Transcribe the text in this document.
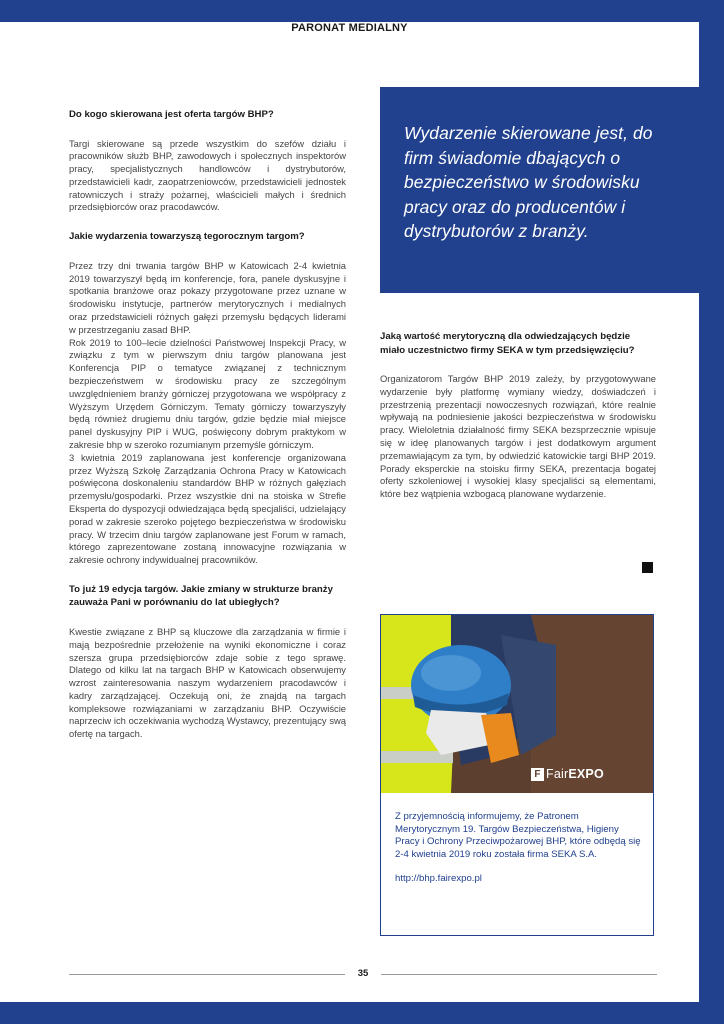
PARONAT MEDIALNY
Do kogo skierowana jest oferta targów BHP?
Targi skierowane są przede wszystkim do szefów działu i pracowników służb BHP, zawodowych i społecznych inspektorów pracy, specjalistycznych handlowców i dystrybutorów, przedstawicieli kadr, zaopatrzeniowców, przedstawicieli jednostek ratowniczych i straży pożarnej, właścicieli małych i średnich przedsiębiorców oraz pracodawców.
Jakie wydarzenia towarzyszą tegorocznym targom?
Przez trzy dni trwania targów BHP w Katowicach 2-4 kwietnia 2019 towarzyszył będą im konferencje, fora, panele dyskusyjne i spotkania branżowe oraz pokazy przygotowane przez uznane w środowisku instytucje, partnerów merytorycznych i medialnych oraz przedstawicieli różnych gałęzi przemysłu będących liderami w przestrzeganiu zasad BHP.
Rok 2019 to 100–lecie dzielności Państwowej Inspekcji Pracy, w związku z tym w pierwszym dniu targów planowana jest Konferencja PIP o tematyce związanej z technicznym bezpieczeństwem w środowisku pracy ze szczególnym uwzględnieniem branży górniczej przygotowana we współpracy z Wyższym Urzędem Górniczym. Tematy górniczy towarzyszyły będą również drugiemu dniu targów, gdzie będzie miał miejsce panel dyskusyjny PIP i WUG, poświęcony dobrym praktykom w zakresie bhp w szeroko rozumianym przemyśle górniczym.
3 kwietnia 2019 zaplanowana jest konferencje organizowana przez Wyższą Szkołę Zarządzania Ochrona Pracy w Katowicach poświęcona doskonaleniu standardów BHP w różnych gałęziach przemysłu/gospodarki. Przez wszystkie dni na stoiska w Strefie Eksperta do dyspozycji odwiedzająca będą specjaliści, udzielający porad w zakresie szeroko pojętego bezpieczeństwa w środowisku pracy. W trzecim dniu targów zaplanowane jest Forum w ramach, którego zaprezentowane zostaną innowacyjne rozwiązania w zakresie ochrony indywidualnej pracowników.
To już 19 edycja targów. Jakie zmiany w strukturze branży zauważa Pani w porównaniu do lat ubiegłych?
Kwestie związane z BHP są kluczowe dla zarządzania w firmie i mają bezpośrednie przełożenie na wyniki ekonomiczne i coraz szersza grupa przedsiębiorców zdaje sobie z tego sprawę. Dlatego od kilku lat na targach BHP w Katowicach obserwujemy wzrost zainteresowania naszym wydarzeniem pracodawców i kadry zarządzającej. Oczekują oni, że znajdą na targach kompleksowe rozwiązaniami w zarządzaniu BHP. Oczywiście naprzeciw ich oczekiwania wychodzą Wystawcy, prezentujący swą ofertę na targach.
Wydarzenie skierowane jest, do firm świadomie dbających o bezpieczeństwo w środowisku pracy oraz do producentów i dystrybutorów z branży.
Jaką wartość merytoryczną dla odwiedzających będzie miało uczestnictwo firmy SEKA w tym przedsięwzięciu?
Organizatorom Targów BHP 2019 zależy, by przygotowywane wydarzenie były platformę wymiany wiedzy, doświadczeń i przestrzenią prezentacji nowoczesnych rozwiązań, które realnie wpływają na podniesienie jakości bezpieczeństwa w środowisku pracy. Wieloletnia działalność firmy SEKA bezsprzecznie wpisuje się w ideę planowanych targów i jest dodatkowym argument przemawiającym za tym, by odwiedzić katowickie targi BHP 2019. Porady eksperckie na stoisku firmy SEKA, prezentacja bogatej oferty szkoleniowej i wysokiej klasy specjaliści są elementami, które bez wątpienia wzbogacą planowane wydarzenie.
F Fair EXPO
Z przyjemnością informujemy, że Patronem Merytorycznym 19. Targów Bezpieczeństwa, Higieny Pracy i Ochrony Przeciwpożarowej BHP, które odbędą się 2-4 kwietnia 2019 roku została firma SEKA S.A.
http://bhp.fairexpo.pl
35
